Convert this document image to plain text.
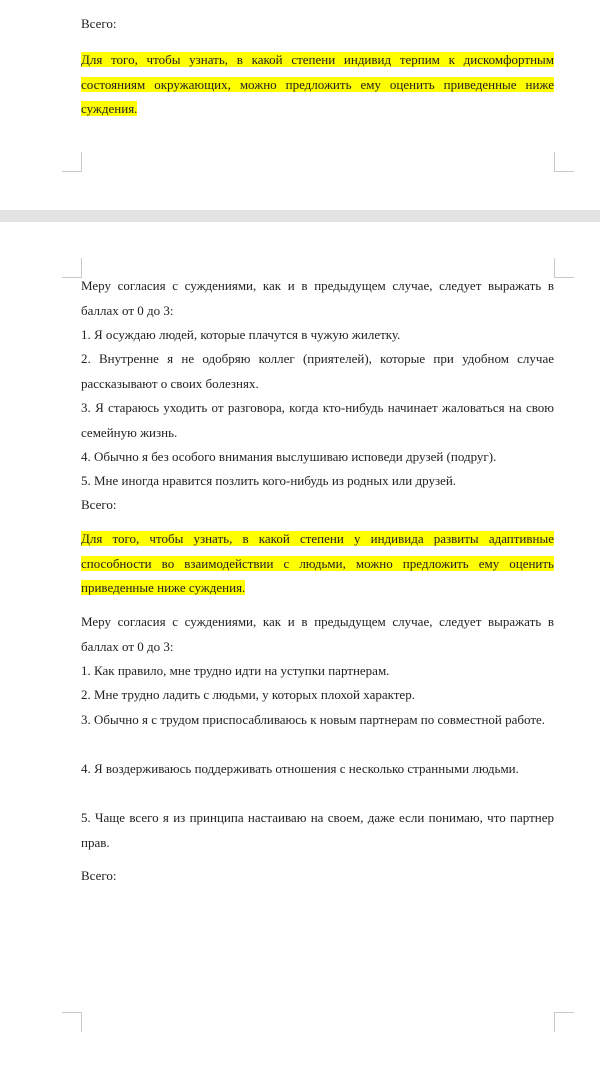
Всего:
Для того, чтобы узнать, в какой степени индивид терпим к дискомфортным состояниям окружающих, можно предложить ему оценить приведенные ниже суждения.
Меру согласия с суждениями, как и в предыдущем случае, следует выражать в баллах от 0 до 3:
1. Я осуждаю людей, которые плачутся в чужую жилетку.
2. Внутренне я не одобряю коллег (приятелей), которые при удобном случае рассказывают о своих болезнях.
3. Я стараюсь уходить от разговора, когда кто-нибудь начинает жаловаться на свою семейную жизнь.
4. Обычно я без особого внимания выслушиваю исповеди друзей (подруг).
5. Мне иногда нравится позлить кого-нибудь из родных или друзей.
Всего:
Для того, чтобы узнать, в какой степени у индивида развиты адаптивные способности во взаимодействии с людьми, можно предложить ему оценить приведенные ниже суждения.
Меру согласия с суждениями, как и в предыдущем случае, следует выражать в баллах от 0 до 3:
1. Как правило, мне трудно идти на уступки партнерам.
2. Мне трудно ладить с людьми, у которых плохой характер.
3. Обычно я с трудом приспосабливаюсь к новым партнерам по совместной работе.
4. Я воздерживаюсь поддерживать отношения с несколько странными людьми.
5. Чаще всего я из принципа настаиваю на своем, даже если понимаю, что партнер прав.
Всего:
